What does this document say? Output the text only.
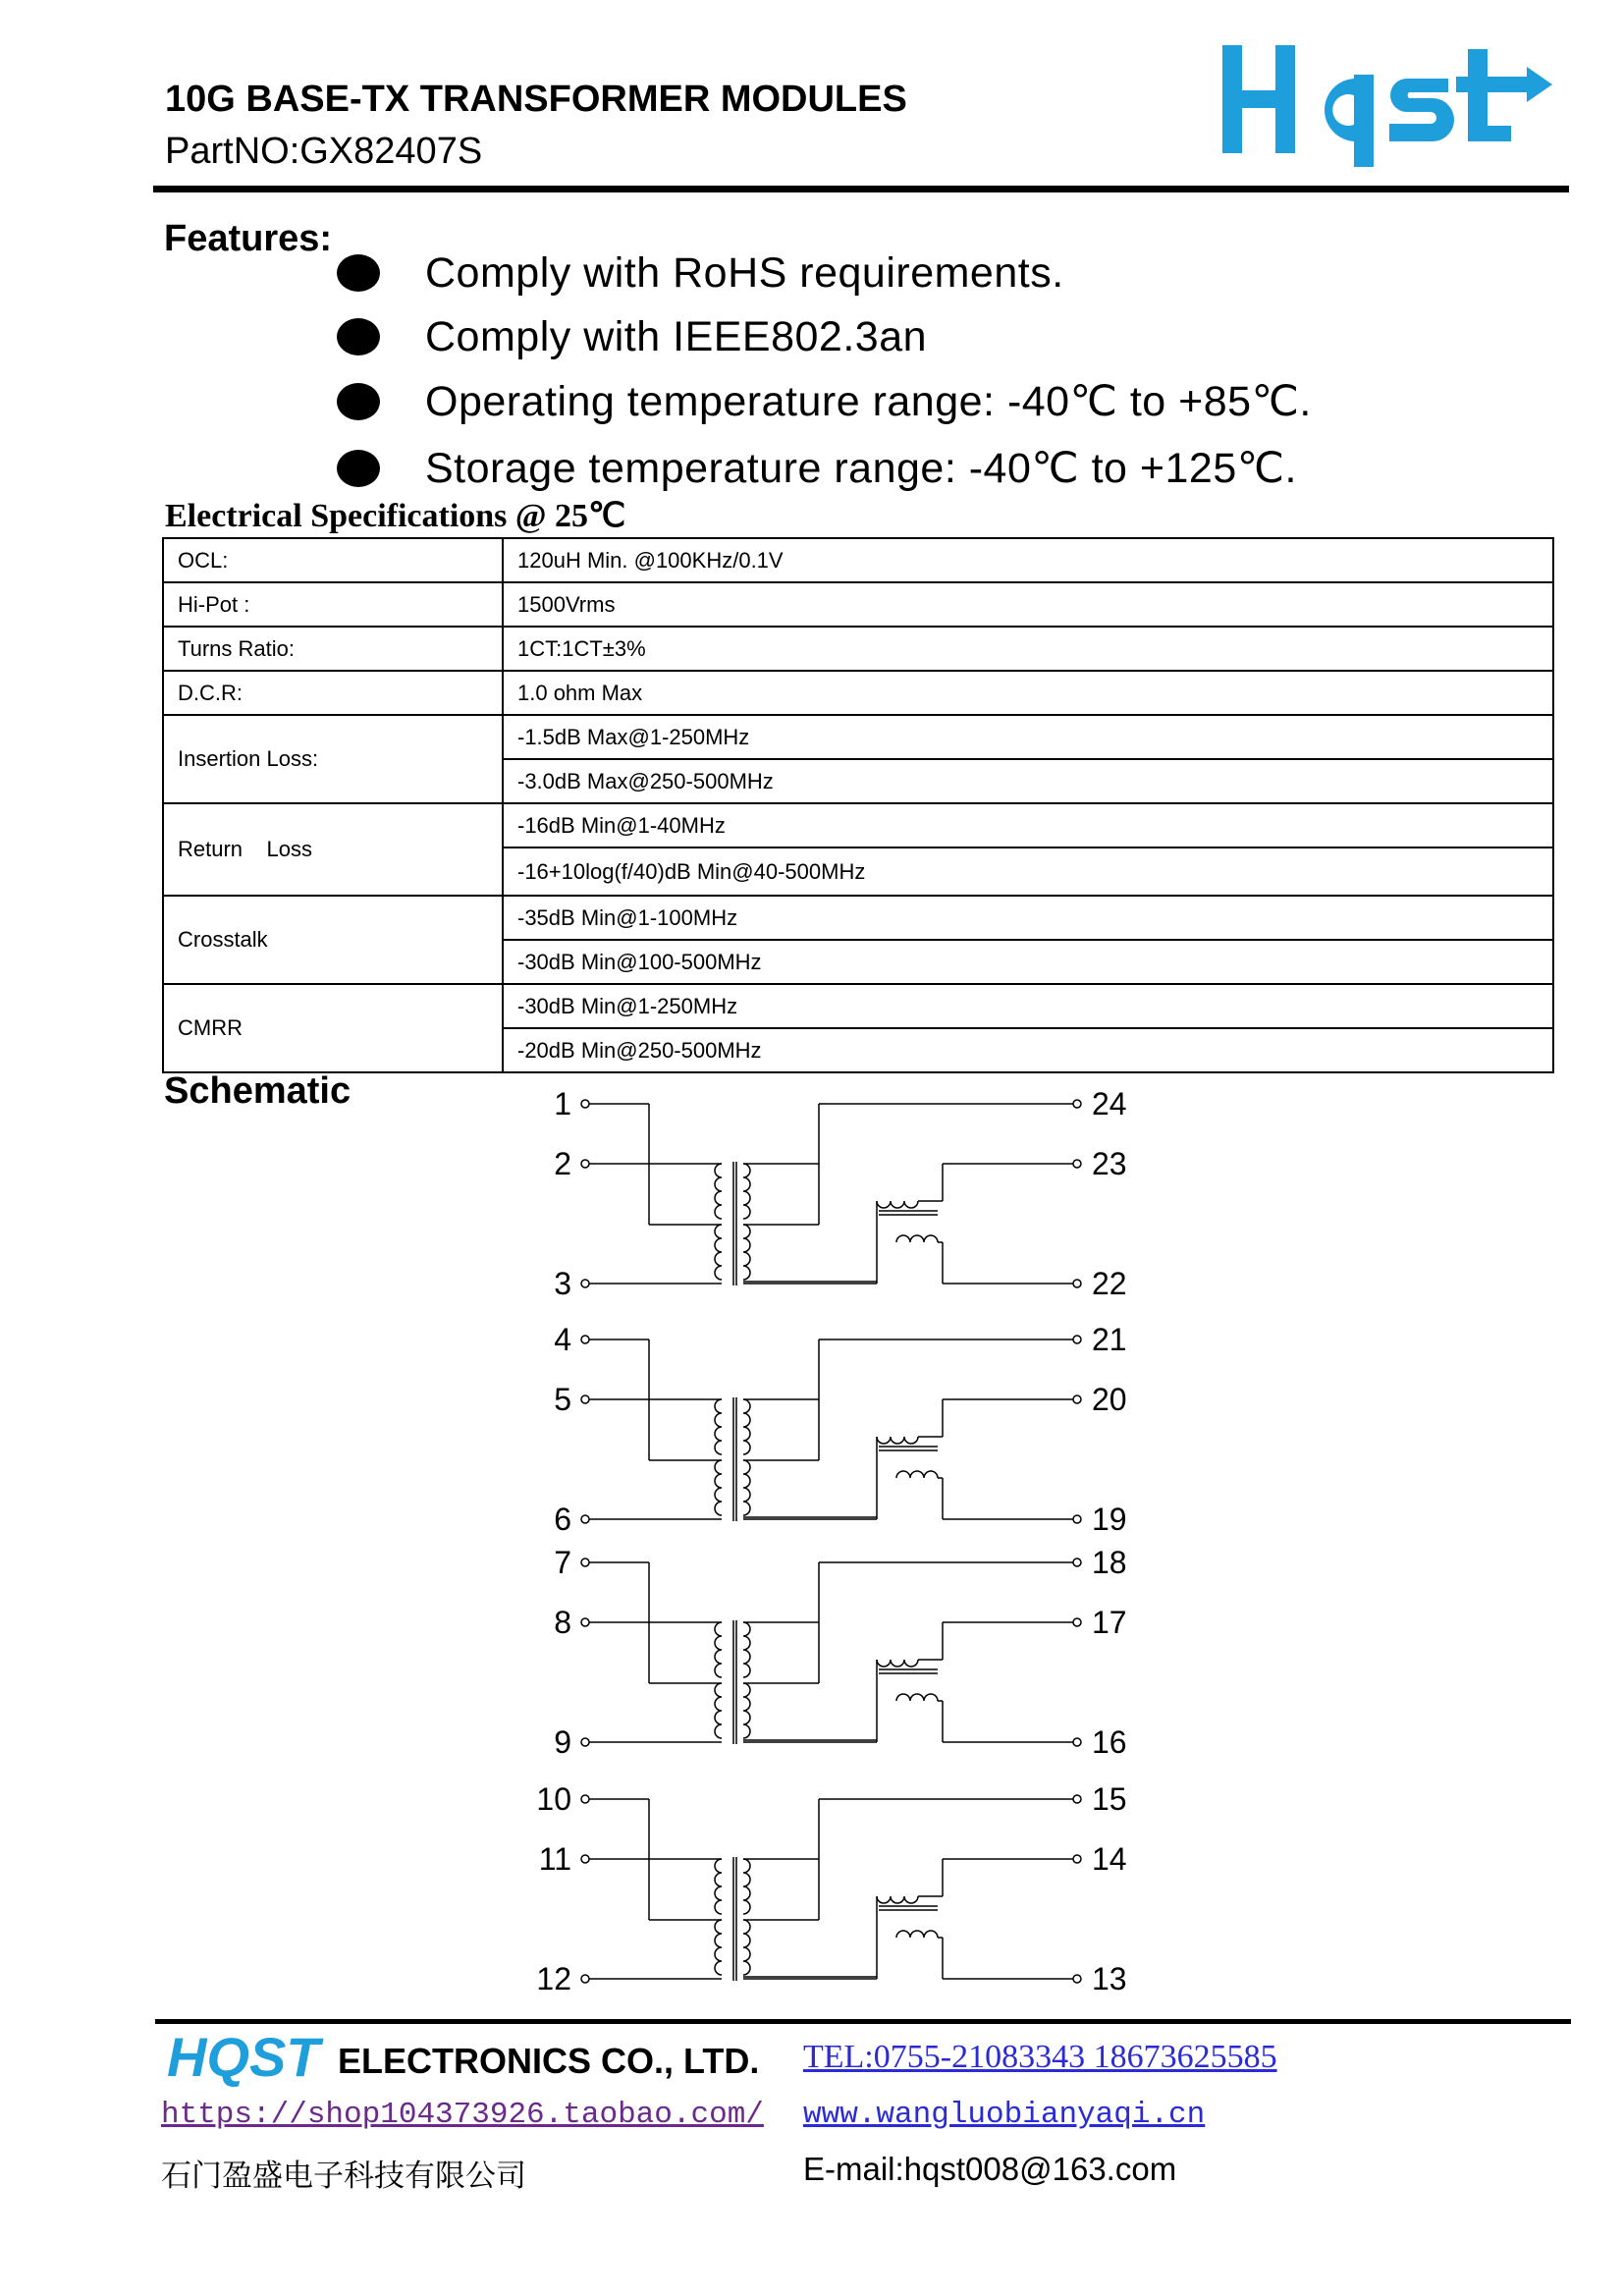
10G BASE-TX TRANSFORMER MODULES
PartNO:GX82407S
Features:
Comply with RoHS requirements.
Comply with IEEE802.3an
Operating temperature range: -40℃ to +85℃.
Storage temperature range: -40℃ to +125℃.
Electrical Specifications @ 25℃
OCL:	120uH Min. @100KHz/0.1V
Hi-Pot :	1500Vrms
Turns Ratio:	1CT:1CT±3%
D.C.R:	1.0 ohm Max
Insertion Loss:	-1.5dB Max@1-250MHz
	-3.0dB Max@250-500MHz
Return    Loss	-16dB Min@1-40MHz
	-16+10log(f/40)dB Min@40-500MHz
Crosstalk	-35dB Min@1-100MHz
	-30dB Min@100-500MHz
CMRR	-30dB Min@1-250MHz
	-20dB Min@250-500MHz
Schematic	1
2
3
24
23
22
4
5
6
21
20
19
7
8
9
18
17
16
10
11
12
15
14
13
HQST ELECTRONICS CO., LTD. TEL:0755-21083343 18673625585
https://shop104373926.taobao.com/ www.wangluobianyaqi.cn
石门盈盛电子科技有限公司	E-mail:hqst008@163.com
